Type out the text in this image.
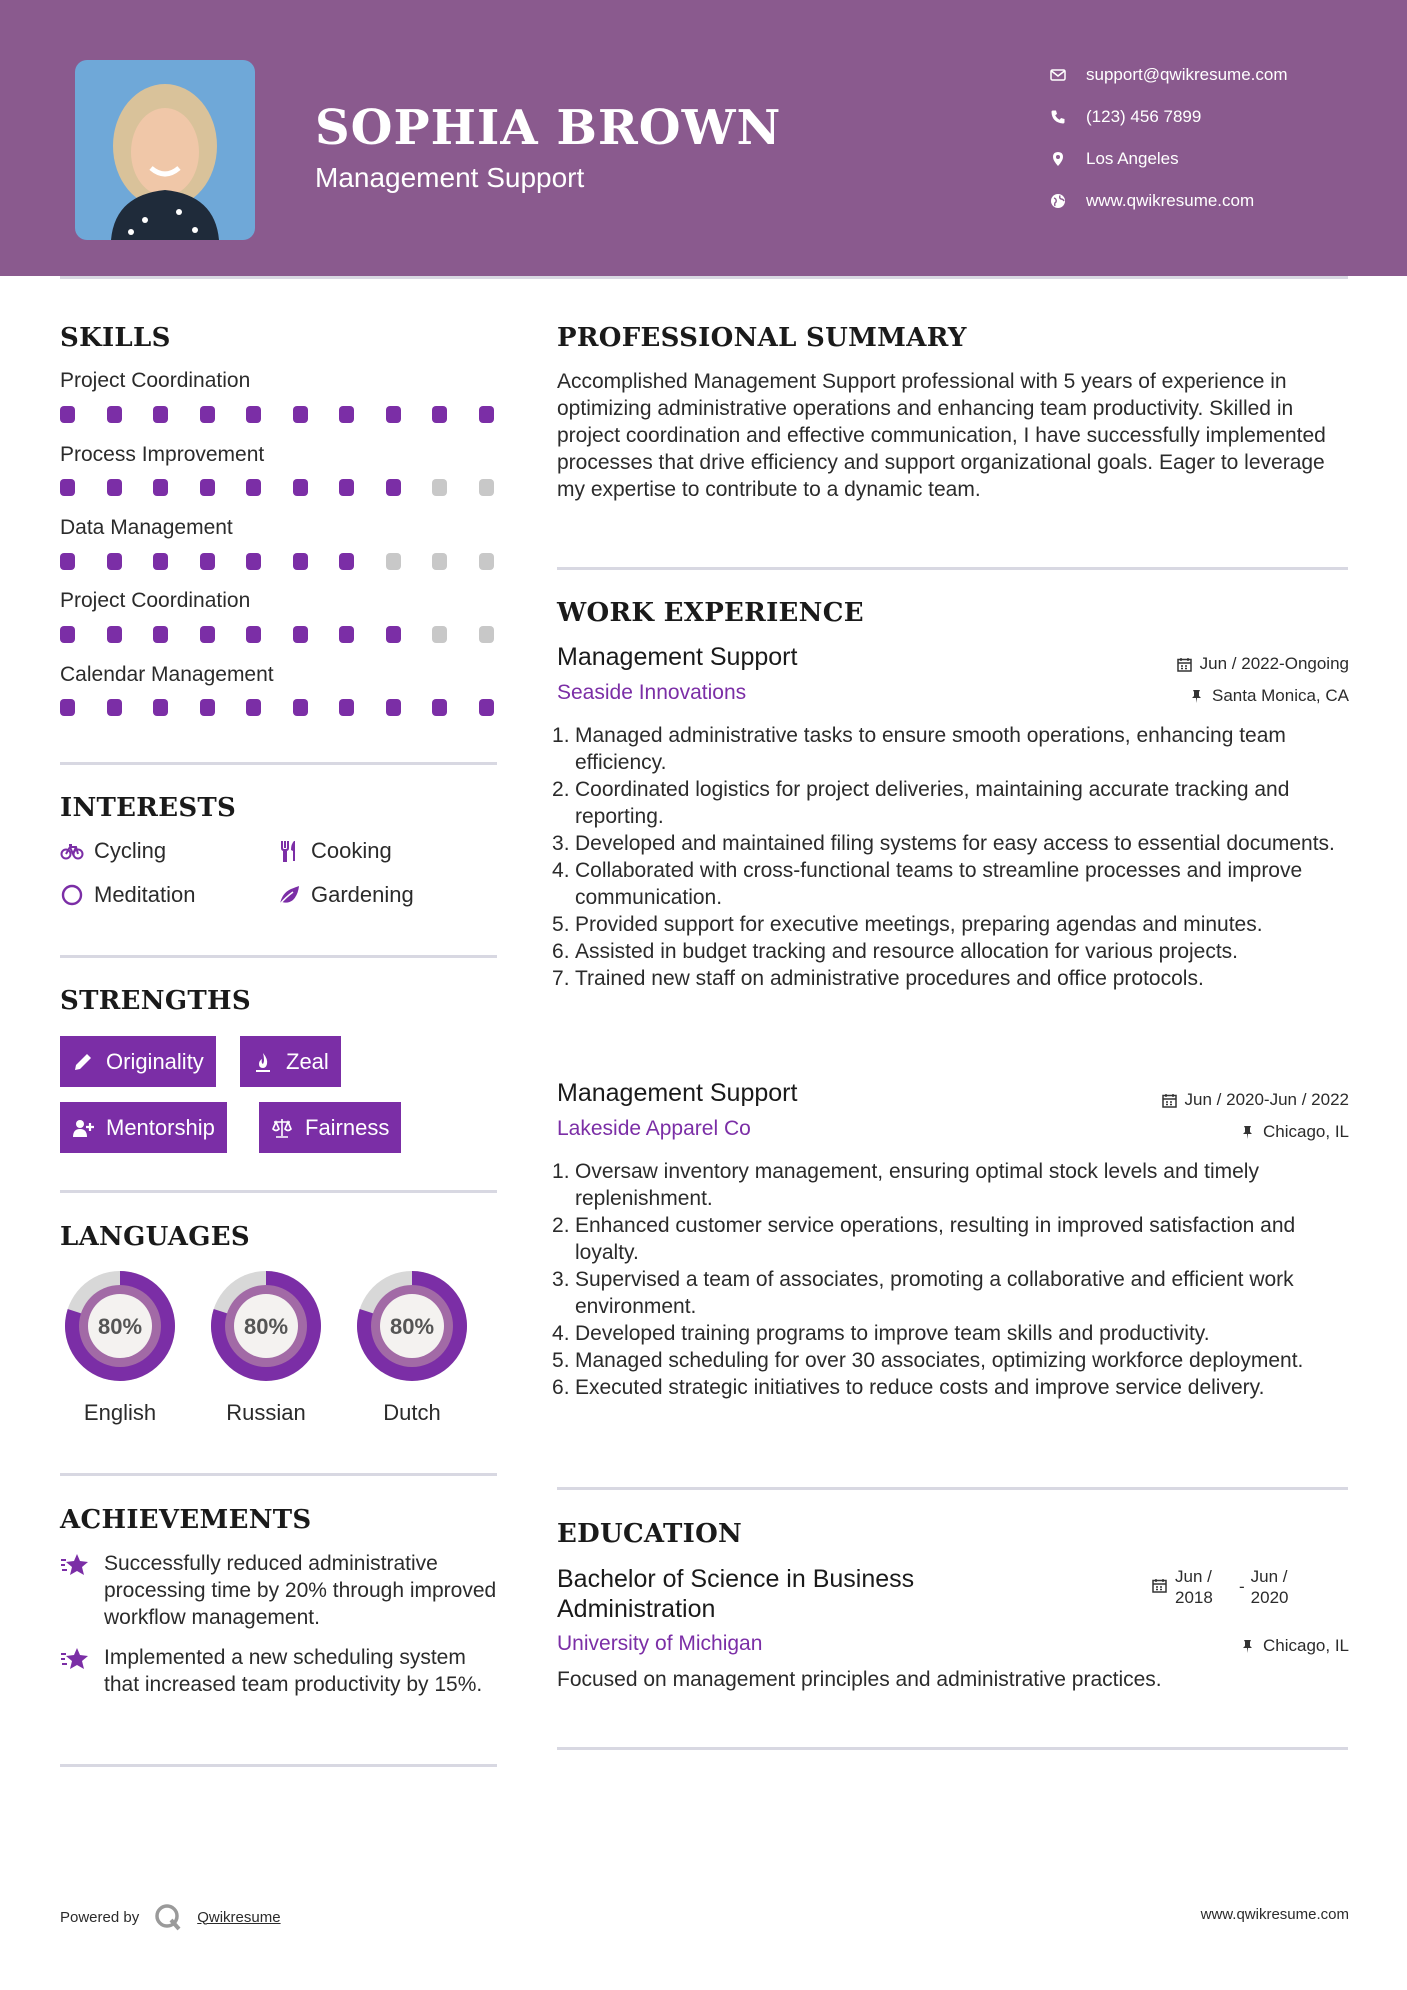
SOPHIA BROWN
Management Support
support@qwikresume.com
(123) 456 7899
Los Angeles
www.qwikresume.com
SKILLS
Project Coordination
Process Improvement
Data Management
Project Coordination
Calendar Management
INTERESTS
Cycling	Cooking
Meditation	Gardening
STRENGTHS
Originality	Zeal
Mentorship	Fairness
LANGUAGES
80%
English
80%
Russian
80%
Dutch
ACHIEVEMENTS
Successfully reduced administrative processing time by 20% through improved workflow management.
Implemented a new scheduling system that increased team productivity by 15%.
PROFESSIONAL SUMMARY
Accomplished Management Support professional with 5 years of experience in optimizing administrative operations and enhancing team productivity. Skilled in project coordination and effective communication, I have successfully implemented processes that drive efficiency and support organizational goals. Eager to leverage my expertise to contribute to a dynamic team.
WORK EXPERIENCE
Management Support	Jun / 2022-Ongoing
Seaside Innovations	Santa Monica, CA
Managed administrative tasks to ensure smooth operations, enhancing team efficiency.
Coordinated logistics for project deliveries, maintaining accurate tracking and reporting.
Developed and maintained filing systems for easy access to essential documents.
Collaborated with cross-functional teams to streamline processes and improve communication.
Provided support for executive meetings, preparing agendas and minutes.
Assisted in budget tracking and resource allocation for various projects.
Trained new staff on administrative procedures and office protocols.
Management Support	Jun / 2020-Jun / 2022
Lakeside Apparel Co	Chicago, IL
Oversaw inventory management, ensuring optimal stock levels and timely replenishment.
Enhanced customer service operations, resulting in improved satisfaction and loyalty.
Supervised a team of associates, promoting a collaborative and efficient work environment.
Developed training programs to improve team skills and productivity.
Managed scheduling for over 30 associates, optimizing workforce deployment.
Executed strategic initiatives to reduce costs and improve service delivery.
EDUCATION
Bachelor of Science in Business Administration
Jun / 2018
-
Jun / 2020
University of Michigan	Chicago, IL
Focused on management principles and administrative practices.
Powered by	Qwikresume	www.qwikresume.com
